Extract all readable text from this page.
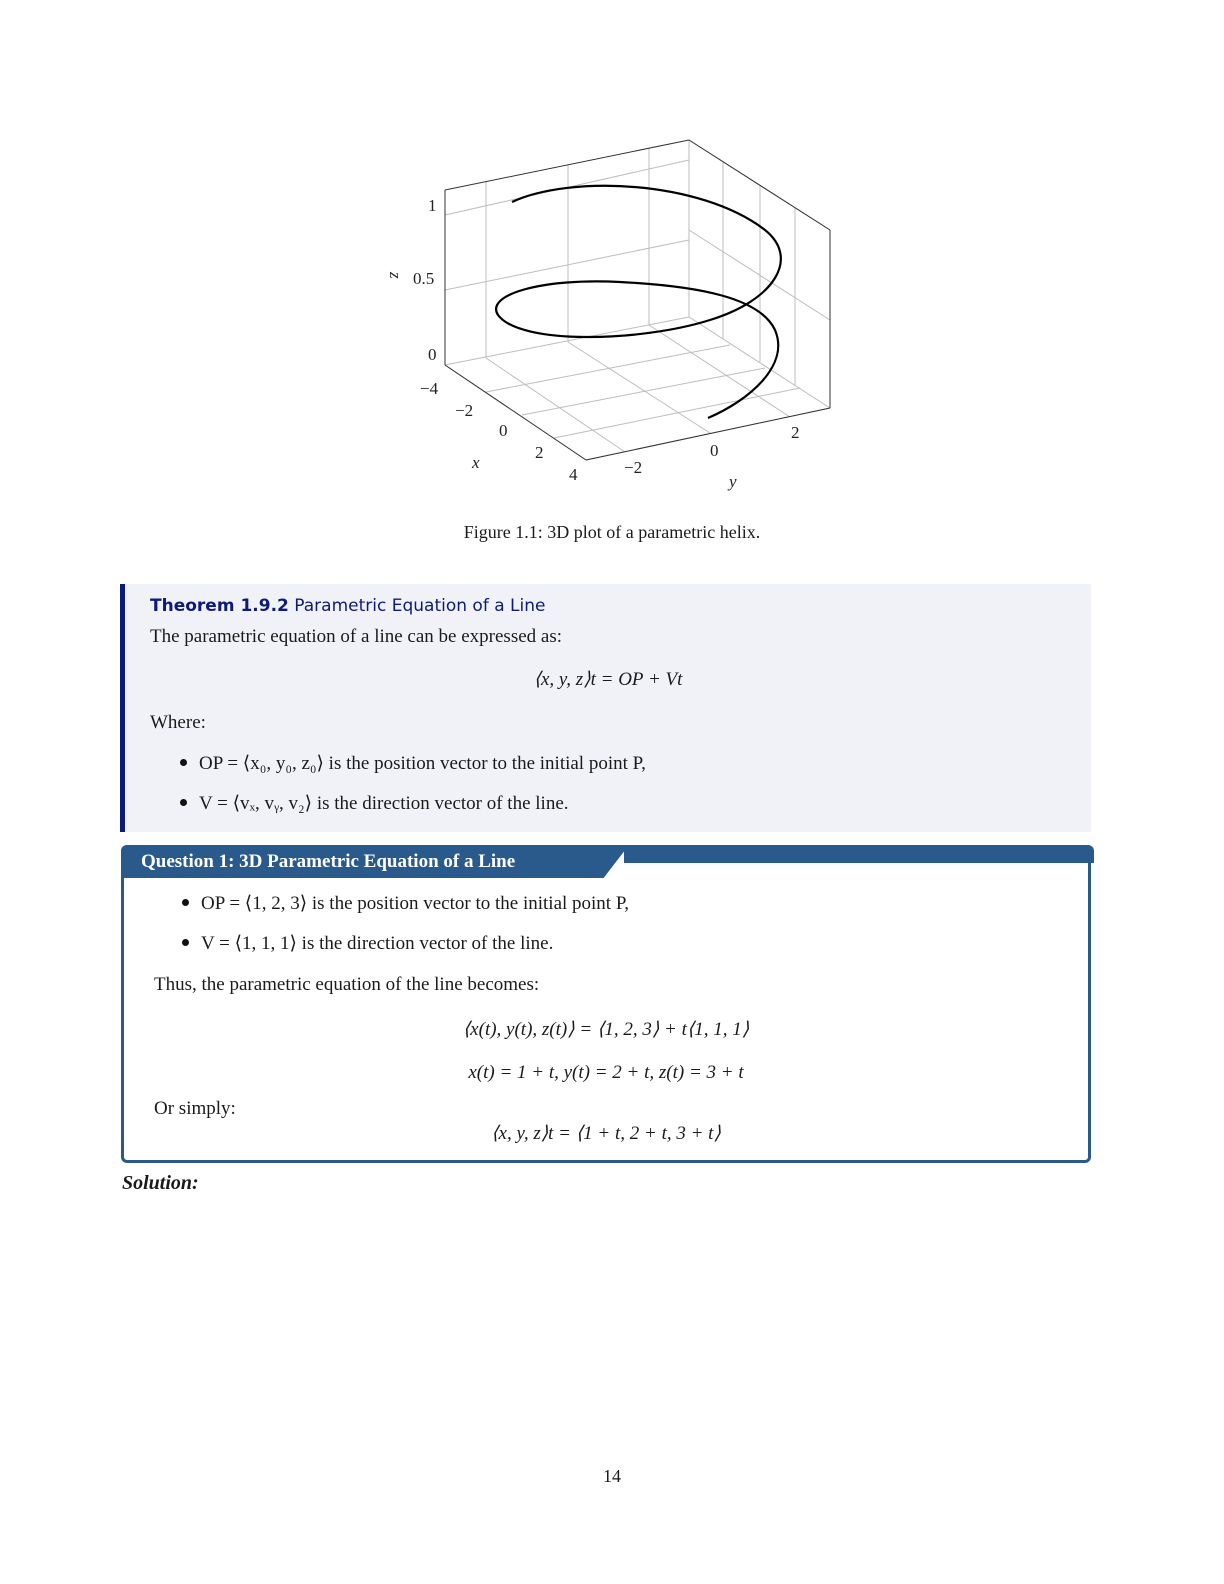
1
0.5
0
−4
−2
0
2
4	−2
0
2
x
y
z
Figure 1.1: 3D plot of a parametric helix.
Theorem 1.9.2 Parametric Equation of a Line
The parametric equation of a line can be expressed as:
⟨x, y, z⟩t = OP + Vt
Where:
OP = ⟨x₀, y₀, z₀⟩ is the position vector to the initial point P,
V = ⟨vₓ, vᵧ, v₂⟩ is the direction vector of the line.
Question 1: 3D Parametric Equation of a Line
OP = ⟨1, 2, 3⟩ is the position vector to the initial point P,
V = ⟨1, 1, 1⟩ is the direction vector of the line.
Thus, the parametric equation of the line becomes:
⟨x(t), y(t), z(t)⟩ = ⟨1, 2, 3⟩ + t⟨1, 1, 1⟩
x(t) = 1 + t, y(t) = 2 + t, z(t) = 3 + t
Or simply:
⟨x, y, z⟩t = ⟨1 + t, 2 + t, 3 + t⟩
Solution:
14
